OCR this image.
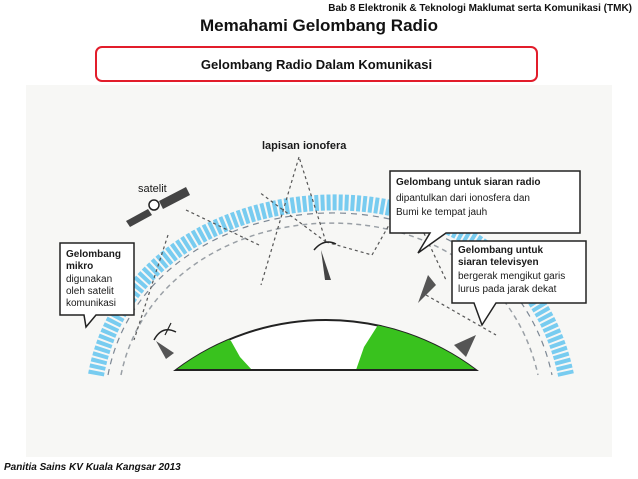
Bab 8 Elektronik & Teknologi Maklumat serta Komunikasi (TMK)
Memahami Gelombang Radio
Gelombang Radio Dalam Komunikasi
lapisan ionofera
satelit
Gelombang
mikro
digunakan
oleh satelit
komunikasi
Gelombang untuk siaran radio
dipantulkan dari ionosfera dan
Bumi ke tempat jauh
Gelombang untuk
siaran televisyen
bergerak mengikut garis
lurus pada jarak dekat
Panitia Sains KV Kuala Kangsar 2013
